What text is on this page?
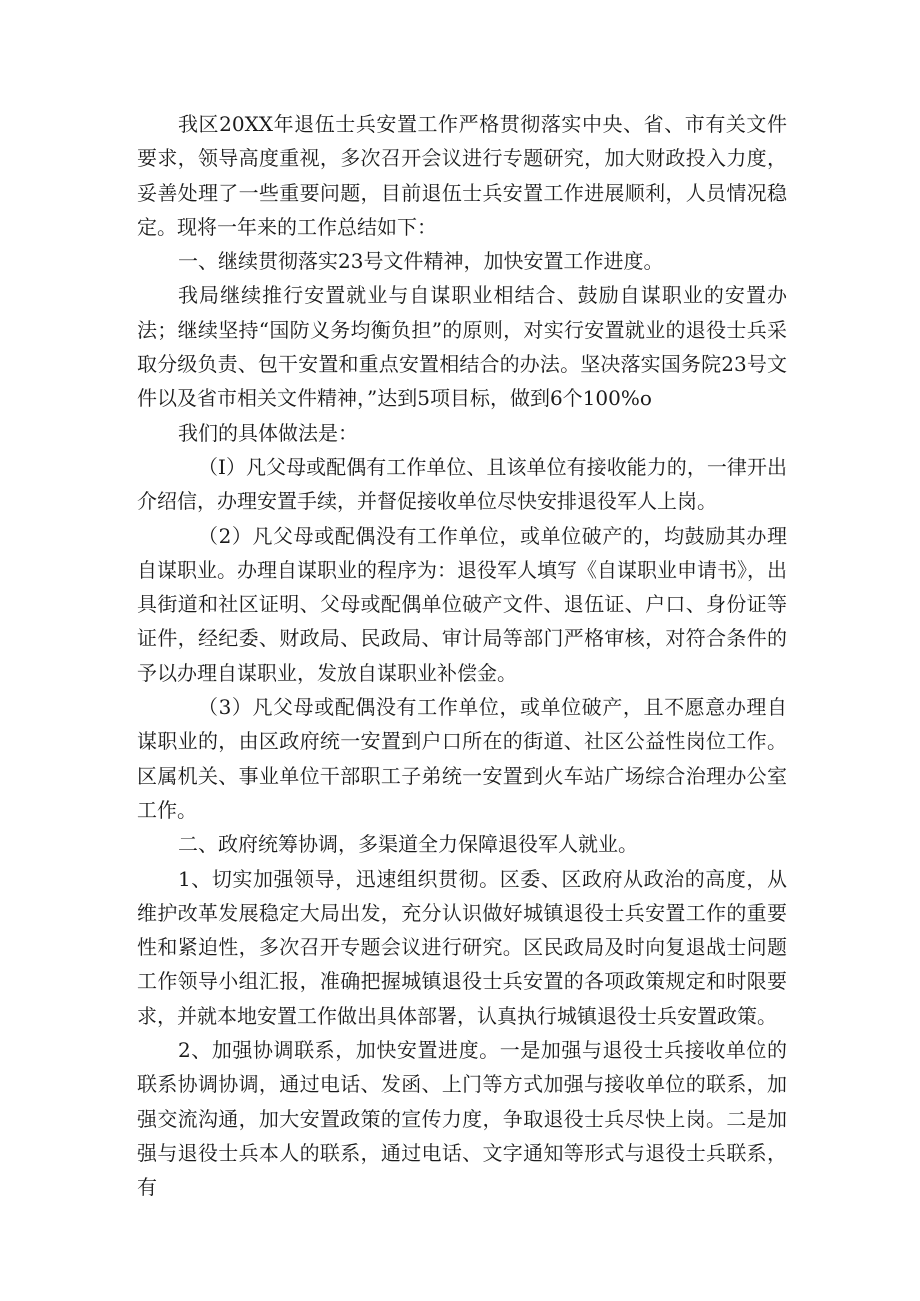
我区20XX年退伍士兵安置工作严格贯彻落实中央、省、市有关文件要求，领导高度重视，多次召开会议进行专题研究，加大财政投入力度，妥善处理了一些重要问题，目前退伍士兵安置工作进展顺利，人员情况稳定。现将一年来的工作总结如下：

一、继续贯彻落实23号文件精神，加快安置工作进度。

我局继续推行安置就业与自谋职业相结合、鼓励自谋职业的安置办法；继续坚持“国防义务均衡负担”的原则，对实行安置就业的退役士兵采取分级负责、包干安置和重点安置相结合的办法。坚决落实国务院23号文件以及省市相关文件精神，”达到5项目标，做到6个100%o

我们的具体做法是：

（I）凡父母或配偶有工作单位、且该单位有接收能力的，一律开出介绍信，办理安置手续，并督促接收单位尽快安排退役军人上岗。

（2）凡父母或配偶没有工作单位，或单位破产的，均鼓励其办理自谋职业。办理自谋职业的程序为：退役军人填写《自谋职业申请书》，出具街道和社区证明、父母或配偶单位破产文件、退伍证、户口、身份证等证件，经纪委、财政局、民政局、审计局等部门严格审核，对符合条件的予以办理自谋职业，发放自谋职业补偿金。

（3）凡父母或配偶没有工作单位，或单位破产，且不愿意办理自谋职业的，由区政府统一安置到户口所在的街道、社区公益性岗位工作。区属机关、事业单位干部职工子弟统一安置到火车站广场综合治理办公室工作。

二、政府统筹协调，多渠道全力保障退役军人就业。

1、切实加强领导，迅速组织贯彻。区委、区政府从政治的高度，从维护改革发展稳定大局出发，充分认识做好城镇退役士兵安置工作的重要性和紧迫性，多次召开专题会议进行研究。区民政局及时向复退战士问题工作领导小组汇报，准确把握城镇退役士兵安置的各项政策规定和时限要求，并就本地安置工作做出具体部署，认真执行城镇退役士兵安置政策。

2、加强协调联系，加快安置进度。一是加强与退役士兵接收单位的联系协调协调，通过电话、发函、上门等方式加强与接收单位的联系，加强交流沟通，加大安置政策的宣传力度，争取退役士兵尽快上岗。二是加强与退役士兵本人的联系，通过电话、文字通知等形式与退役士兵联系，有
